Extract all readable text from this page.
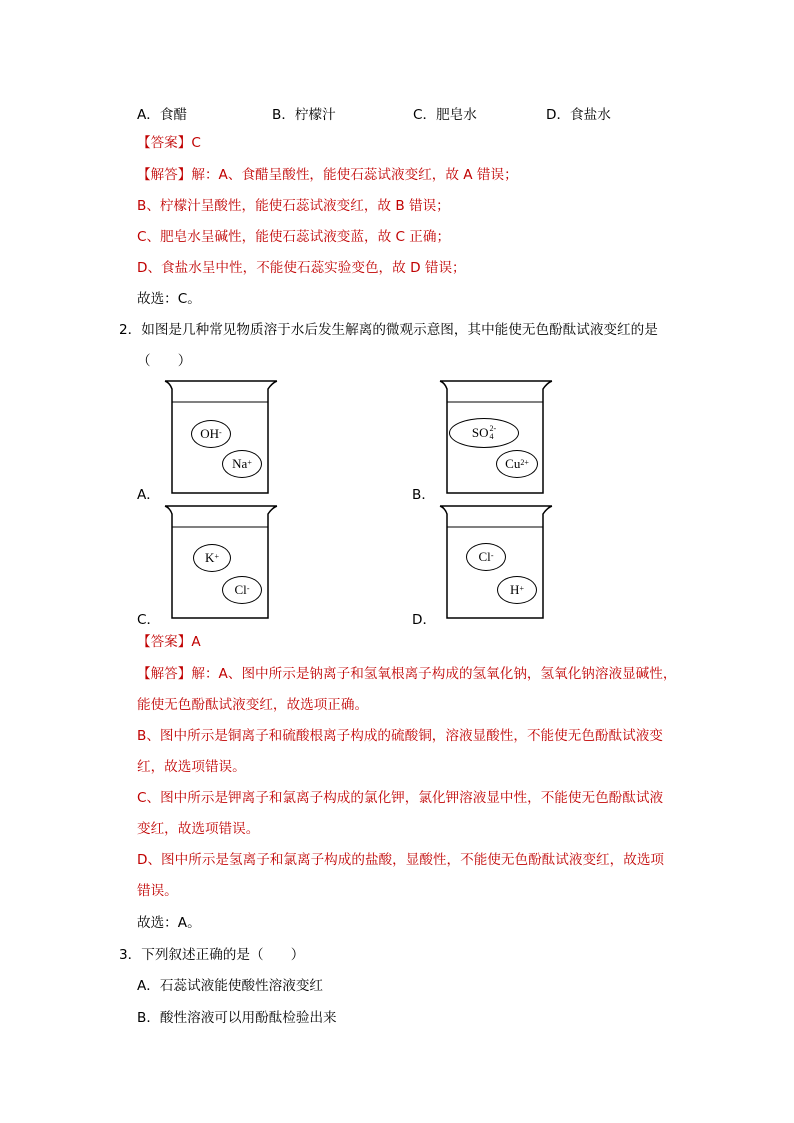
A．食醋	B．柠檬汁	C．肥皂水	D．食盐水
【答案】C
【解答】解：A、食醋呈酸性，能使石蕊试液变红，故 A 错误；
B、柠檬汁呈酸性，能使石蕊试液变红，故 B 错误；
C、肥皂水呈碱性，能使石蕊试液变蓝，故 C 正确；
D、食盐水呈中性，不能使石蕊实验变色，故 D 错误；
故选：C。
2．如图是几种常见物质溶于水后发生解离的微观示意图，其中能使无色酚酞试液变红的是
（　　）
A．
OH-
Na+
B．
SO 2-
4
$Cu^{2+}$
C．
K+
Cl-
D．
Cl-
H+
【答案】A
【解答】解：A、图中所示是钠离子和氢氧根离子构成的氢氧化钠，氢氧化钠溶液显碱性，
能使无色酚酞试液变红，故选项正确。
B、图中所示是铜离子和硫酸根离子构成的硫酸铜，溶液显酸性，不能使无色酚酞试液变
红，故选项错误。
C、图中所示是钾离子和氯离子构成的氯化钾，氯化钾溶液显中性，不能使无色酚酞试液
变红，故选项错误。
D、图中所示是氢离子和氯离子构成的盐酸，显酸性，不能使无色酚酞试液变红，故选项
错误。
故选：A。
3．下列叙述正确的是（　　）
A．石蕊试液能使酸性溶液变红
B．酸性溶液可以用酚酞检验出来
